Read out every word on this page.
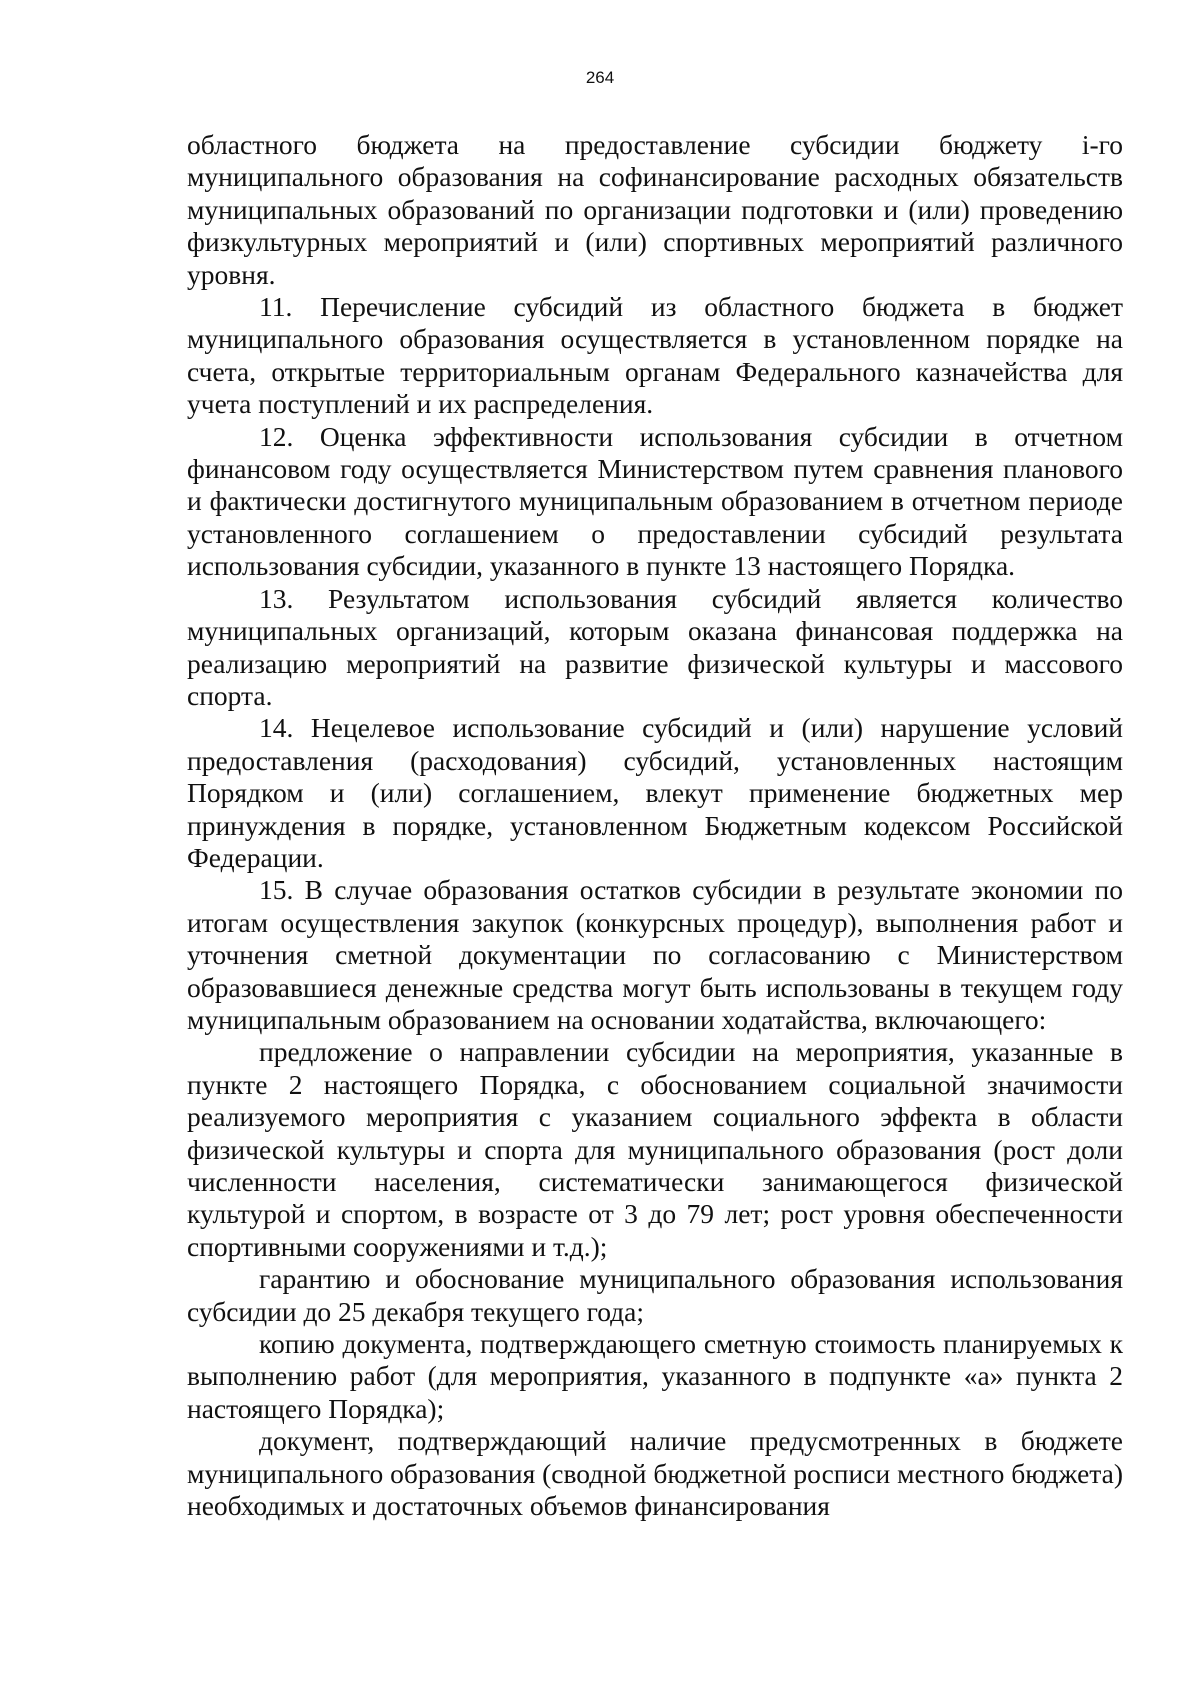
264

областного бюджета на предоставление субсидии бюджету i-го муниципального образования на софинансирование расходных обязательств муниципальных образований по организации подготовки и (или) проведению физкультурных мероприятий и (или) спортивных мероприятий различного уровня.

11. Перечисление субсидий из областного бюджета в бюджет муниципального образования осуществляется в установленном порядке на счета, открытые территориальным органам Федерального казначейства для учета поступлений и их распределения.

12. Оценка эффективности использования субсидии в отчетном финансовом году осуществляется Министерством путем сравнения планового и фактически достигнутого муниципальным образованием в отчетном периоде установленного соглашением о предоставлении субсидий результата использования субсидии, указанного в пункте 13 настоящего Порядка.

13. Результатом использования субсидий является количество муниципальных организаций, которым оказана финансовая поддержка на реализацию мероприятий на развитие физической культуры и массового спорта.

14. Нецелевое использование субсидий и (или) нарушение условий предоставления (расходования) субсидий, установленных настоящим Порядком и (или) соглашением, влекут применение бюджетных мер принуждения в порядке, установленном Бюджетным кодексом Российской Федерации.

15. В случае образования остатков субсидии в результате экономии по итогам осуществления закупок (конкурсных процедур), выполнения работ и уточнения сметной документации по согласованию с Министерством образовавшиеся денежные средства могут быть использованы в текущем году муниципальным образованием на основании ходатайства, включающего:

предложение о направлении субсидии на мероприятия, указанные в пункте 2 настоящего Порядка, с обоснованием социальной значимости реализуемого мероприятия с указанием социального эффекта в области физической культуры и спорта для муниципального образования (рост доли численности населения, систематически занимающегося физической культурой и спортом, в возрасте от 3 до 79 лет; рост уровня обеспеченности спортивными сооружениями и т.д.);

гарантию и обоснование муниципального образования использования субсидии до 25 декабря текущего года;

копию документа, подтверждающего сметную стоимость планируемых к выполнению работ (для мероприятия, указанного в подпункте «а» пункта 2 настоящего Порядка);

документ, подтверждающий наличие предусмотренных в бюджете муниципального образования (сводной бюджетной росписи местного бюджета) необходимых и достаточных объемов финансирования
